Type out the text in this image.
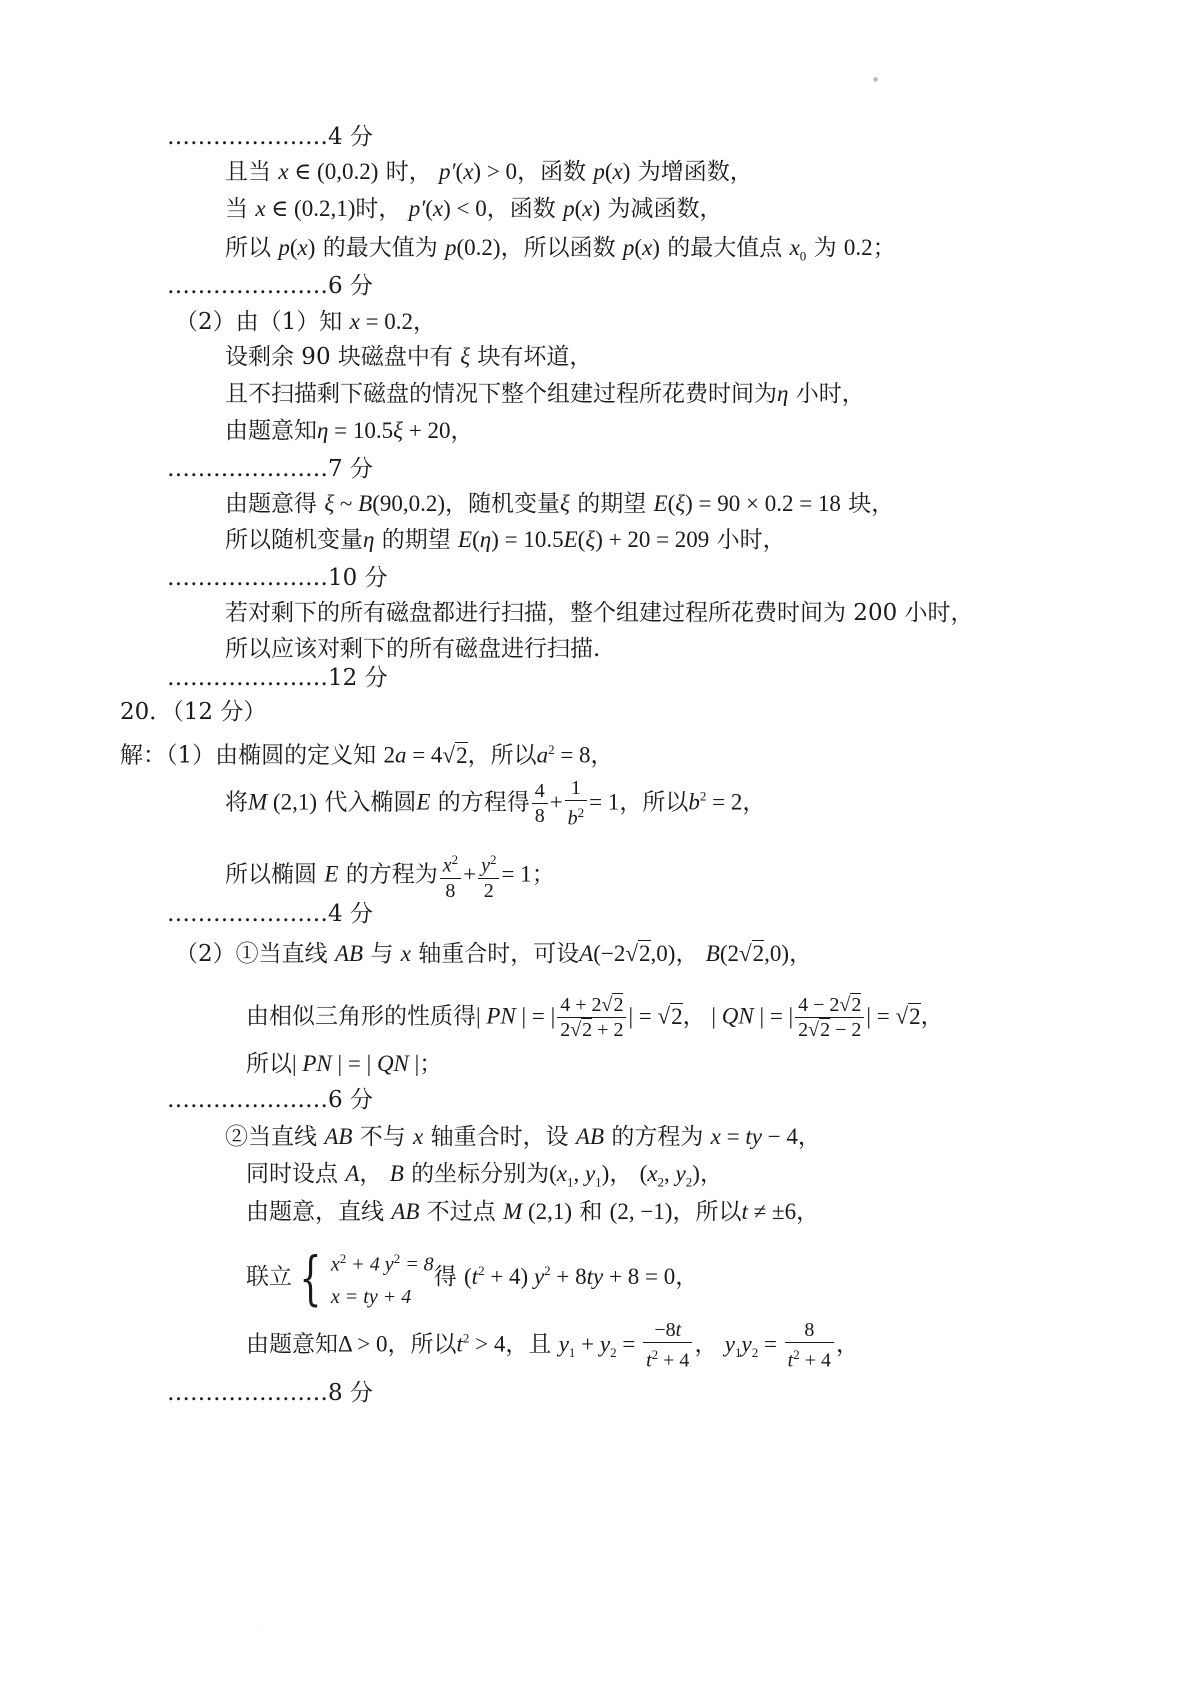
●
…………………4 分
且当 x ∈ (0,0.2) 时， p′(x) > 0，函数 p(x) 为增函数，
当 x ∈ (0.2,1)时， p′(x) < 0，函数 p(x) 为减函数，
所以 p(x) 的最大值为 p(0.2)，所以函数 p(x) 的最大值点 $x_0$ 为 0.2；
…………………6 分
（2）由（1）知 x = 0.2，
设剩余 90 块磁盘中有 ξ 块有坏道，
且不扫描剩下磁盘的情况下整个组建过程所花费时间为η 小时，
由题意知η = 10.5ξ + 20，
…………………7 分
由题意得 ξ ~ B(90,0.2)，随机变量ξ 的期望 E(ξ) = 90 × 0.2 = 18 块，
所以随机变量η 的期望 E(η) = 10.5E(ξ) + 20 = 209 小时，
…………………10 分
若对剩下的所有磁盘都进行扫描，整个组建过程所花费时间为 200 小时，
所以应该对剩下的所有磁盘进行扫描.
…………………12 分
20．（12 分）
解：（1）由椭圆的定义知 2a = 4√2，所以$a^2 = 8$，
将M (2,1) 代入椭圆E 的方程得 $\frac{4}{8} + \frac{1}{b^2} = 1$，所以$b^2 = 2$，
所以椭圆 E 的方程为 $\frac{x^2}{8} + \frac{y^2}{2} = 1$；
…………………4 分
（2）①当直线 AB 与 x 轴重合时，可设A(−2√2,0)， B(2√2,0)，
由相似三角形的性质得| PN | = | $\frac{4 + 2√2}{2√2 + 2}$ | = √2， | QN | = | $\frac{4 - 2√2}{2√2 - 2}$ | = √2，
所以| PN | = | QN |；
…………………6 分
②当直线 AB 不与 x 轴重合时，设 AB 的方程为 x = ty − 4，
同时设点 A， B 的坐标分别为($x_1$, $y_1$)， ($x_2$, $y_2$)，
由题意，直线 AB 不过点 M (2,1) 和 (2, −1)，所以t ≠ ±6，
联立 { $x^2 + 4$ $y^2 = 8$
x = ty + 4
得 $(t^2 + 4) y^2 + 8ty + 8 = 0$，
由题意知Δ > 0，所以$t^2 > 4$，且 $y_1 + y_2 = \frac{-8t}{t^2 + 4}$ ， $y_1y_2 = \frac{8}{t^2 + 4}$ ，
…………………8 分
·
